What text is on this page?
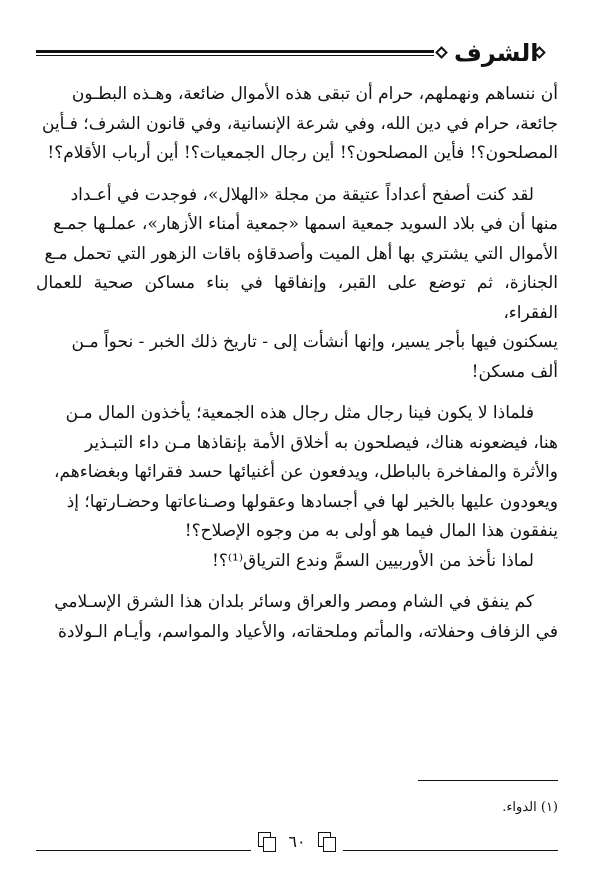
الشرف

أن ننساهم ونهملهم، حرام أن تبقى هذه الأموال ضائعة، وهـذه البطـون

جائعة، حرام في دين الله، وفي شرعة الإنسانية، وفي قانون الشرف؛ فـأين

المصلحون؟! فأين المصلحون؟! أين رجال الجمعيات؟! أين أرباب الأقلام؟!

لقد كنت أصفح أعداداً عتيقة من مجلة «الهلال»، فوجدت في أعـداد

منها أن في بلاد السويد جمعية اسمها «جمعية أمناء الأزهار»، عملـها جمـع

الأموال التي يشتري بها أهل الميت وأصدقاؤه باقات الزهور التي تحمل مـع

الجنازة، ثم توضع على القبر، وإنفاقها في بناء مساكن صحية للعمال الفقراء،

يسكنون فيها بأجر يسير، وإنها أنشأت إلى - تاريخ ذلك الخبر - نحواً مـن

ألف مسكن!

فلماذا لا يكون فينا رجال مثل رجال هذه الجمعية؛ يأخذون المال مـن

هنا، فيضعونه هناك، فيصلحون به أخلاق الأمة بإنقاذها مـن داء التبـذير

والأثرة والمفاخرة بالباطل، ويدفعون عن أغنيائها حسد فقرائها وبغضاءهم،

ويعودون عليها بالخير لها في أجسادها وعقولها وصـناعاتها وحضـارتها؛ إذ

ينفقون هذا المال فيما هو أولى به من وجوه الإصلاح؟!

لماذا نأخذ من الأوربيين السمَّ وندع الترياق⁽¹⁾؟!

كم ينفق في الشام ومصر والعراق وسائر بلدان هذا الشرق الإسـلامي

في الزفاف وحفلاته، والمأتم وملحقاته، والأعياد والمواسم، وأيـام الـولادة

(١) الدواء.
٦٠
